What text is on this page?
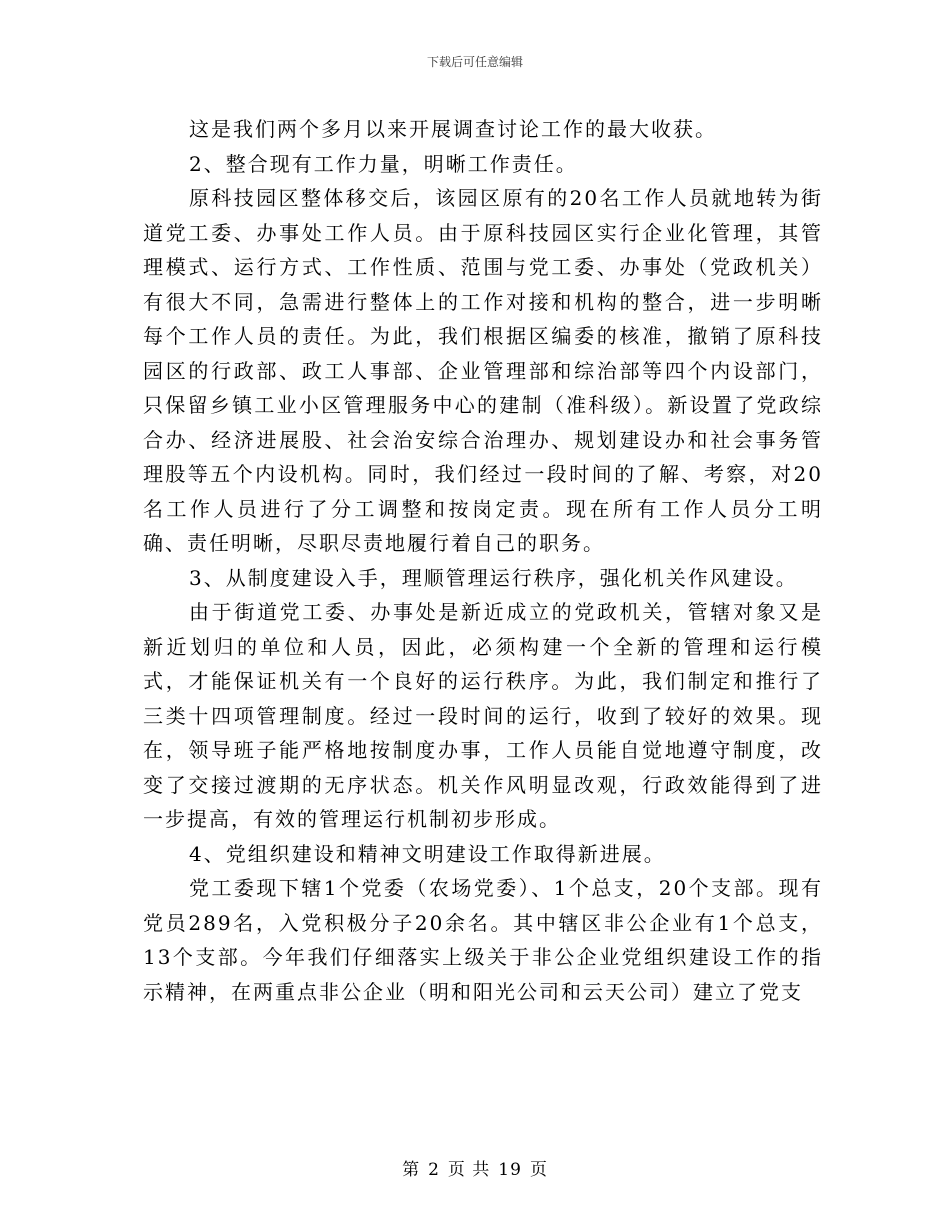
下载后可任意编辑

这是我们两个多月以来开展调查讨论工作的最大收获。

2、整合现有工作力量，明晰工作责任。

原科技园区整体移交后，该园区原有的20名工作人员就地转为街道党工委、办事处工作人员。由于原科技园区实行企业化管理，其管理模式、运行方式、工作性质、范围与党工委、办事处（党政机关）有很大不同，急需进行整体上的工作对接和机构的整合，进一步明晰每个工作人员的责任。为此，我们根据区编委的核准，撤销了原科技园区的行政部、政工人事部、企业管理部和综治部等四个内设部门，只保留乡镇工业小区管理服务中心的建制（准科级）。新设置了党政综合办、经济进展股、社会治安综合治理办、规划建设办和社会事务管理股等五个内设机构。同时，我们经过一段时间的了解、考察，对20名工作人员进行了分工调整和按岗定责。现在所有工作人员分工明确、责任明晰，尽职尽责地履行着自己的职务。

3、从制度建设入手，理顺管理运行秩序，强化机关作风建设。

由于街道党工委、办事处是新近成立的党政机关，管辖对象又是新近划归的单位和人员，因此，必须构建一个全新的管理和运行模式，才能保证机关有一个良好的运行秩序。为此，我们制定和推行了三类十四项管理制度。经过一段时间的运行，收到了较好的效果。现在，领导班子能严格地按制度办事，工作人员能自觉地遵守制度，改变了交接过渡期的无序状态。机关作风明显改观，行政效能得到了进一步提高，有效的管理运行机制初步形成。

4、党组织建设和精神文明建设工作取得新进展。

党工委现下辖1个党委（农场党委）、1个总支，20个支部。现有党员289名，入党积极分子20余名。其中辖区非公企业有1个总支，13个支部。今年我们仔细落实上级关于非公企业党组织建设工作的指示精神，在两重点非公企业（明和阳光公司和云天公司）建立了党支

第 2 页 共 19 页
